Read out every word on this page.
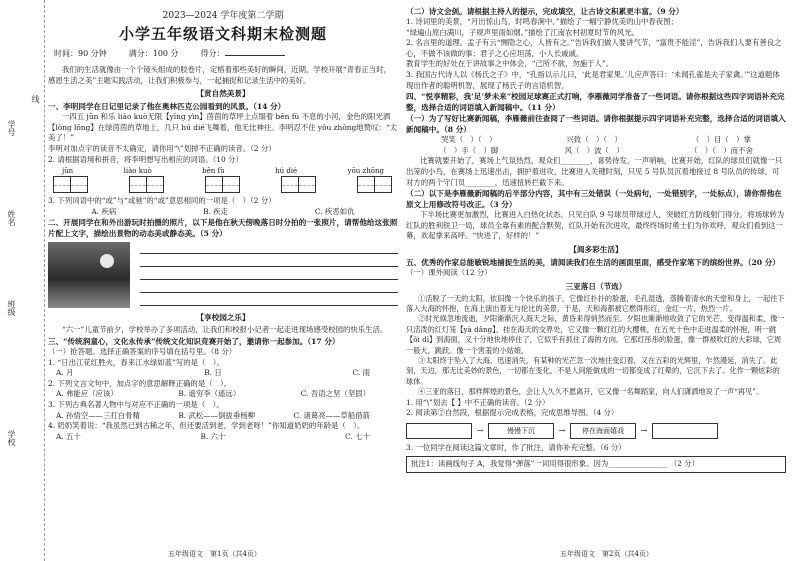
学号
姓名
班级
学校
线
2023—2024 学年度第二学期
小学五年级语文科期末检测题
时间：90 分钟	满分：100 分	得分：

我们的生活就像由一个个镜头组成的胶卷片，定格着那些美好的瞬间，近期，学校开展“青春正当时，感恩生活之美”主题实践活动，让我们积极参与，一起捕捉和记录生活中的美好。

【赏自然美景】

一、李明同学在日记里记录了他在奥林匹克公园看到的风景。（14 分）

一四五 jūn 和乐 liào kuò无限【yīng yìn】茵茵的草坪上点缀着 bēn fù 不息的小河，金色的阳光洒【lòng lǒng】在绿茵茵的草地上，几只 hú dié飞舞着，他无比神往。李明忍不住 yōu zhōng地赞叹：“太美了！”

李明对加点字的读音不太确定，请你用“\”划掉不正确的读音。（2 分）

2. 请根据语境和拼音，将李明想写出相应的词语。（10 分）

jūn	liào kuò	bēn fù	hú dié	yōu zhōng

3. 下列词语中的“或”与“或驰”的“或”意思相同的一项是（　）（2 分）

A. 疾病	B. 疾走	C. 疾恶如仇

二、开展同学在和外出游玩时拍摄的照片，以下是他在秋天傍晚落日时分拍的一张照片，请帮他给这张照片配上文字，描绘出景物的动态美或静态美。（5 分）

【享校园之乐】

“六一”儿童节前夕，学校举办了多项活动，让我们和校报小记者一起走进现场感受校园的快乐生活。

三、“传统润童心，文化永传承”传统文化知识竞赛开始了，邀请你一起参加。（17 分）

（一）抢答题。选择正确答案的序号填在括号里。（8 分）

1. “日出江花红胜火，春来江水绿如蓝”写的是（　）。

A. 月	B. 日	C. 雨

2. 下列文言文句中，加点字的意思解释正确的是（　）。

A. 弗能应（应该）	B. 遥穷李（遥远）	C. 吾语之坚（坚固）

3. 下列古典名著人物中与对应不正确的一项是（　）。

A. 孙悟空——三打白骨精	B. 武松——倒拔垂杨柳	C. 诸葛亮——草船借箭

4. 奶奶笑着说：“我虽然已到古稀之年，但还要活到老，学到老呀！”你知道奶奶的年龄是（　）。

A. 五十	B. 六十	C. 七十
五年级语文　第1页（共4页）

（二）诗文会剑。请根据主持人的提示，完成填空，让古诗文积累更丰富。（9 分）

1. 诗词里的美景，“月出惊山鸟，时鸣春涧中。”描绘了一幅宁静优美的山中春夜图；

“绿遍山原白满川，子规声里雨如烟。”描绘了江南农村初夏时节的风光。

2. 名言里的道理。孟子有云“恻隐之心，人皆有之。”告诉我们做人要讲气节，“富贵不能淫”，告诉我们人要有善良之心，不做不该做的事；君子之心应坦荡，小人长戚戚。

教育学生的好处在于讲故事之中体会，“己所不欲，勿施于人”。

3. 我国古代诗人以《杨氏之子》中，“孔指以示儿曰，‘此是君家果。’儿应声答曰：‘未闻孔雀是夫子家禽。’”这道题体现出作者的聪明机智，展现了杨氏子的言语机智。

四、“悦享精彩，我‘足’梦未来”校园足球赛正式打响，李雁薇同学准备了一些词语。请你根据这些四字词语补充完整，选择合适的词语填入新闻稿中。（11 分）

（一）为了写好比赛新闻稿，李雁薇前往查阅了一些词语。请你根据提示四字词语补充完整，选择合适的词语填入新闻稿中。（8 分）

哭笑（　）（　）	兴致（　）（　）	（　）目（　）掌
（　）手（　）脚	风（　）波（　）	（　）（　）而不舍

比赛就要开始了，赛场上气氛热烈，观众们________，喜势待发，一声哨响，比赛开始，红队的球员们就像一只出笼的小鸟，在赛场上迅速出击，拥护着进攻，比赛进入关键时刻，只见 5 号队员沉着地接过 8 号队员的传球，可对方的两个守门员________，迅速扭转拦截下来。

（二）以下是李雁薇新闻稿的后半部分内容，其中有三处错误（一处病句，一处错别字，一处标点），请你帮他在原文上用修改符号改正。（3 分）

下半场比赛更加激烈，比赛进入白热化状态。只见白队 9 号球员带球过人，突破红方防线射门得分，将场球转为红队的胜利铁卫一局，球员全靠有素的配合默契，红队开始有次进攻，最终终场时勇士们为你欢呼，观众们看到这一幕，欢起掌来高呼。“快进了，好样的！”

【阅多彩生活】

五、优秀的作家总能敏锐地捕捉生活的美，请阅读我们在生活的画面里面，感受作家笔下的缤纷世界。（20 分）

（一）课外阅读（12 分）

三亚落日（节选）

①活脱了一天的太阳，依旧像一个快乐的孩子，它像红扑扑的脸蛋，毛孔湿透，蒸腾着清水的天堂和身上，一起往下落入大海的怀抱，在海上演出着无与伦比的美景，于是，天和海都被它燃得彤红，金红一片，热烈一片。

②时光倏忽地流逝，夕阳渐渐沉入海天之际，黄昏来得悄然而至。夕阳也渐渐地收敛了它的光芒，变得温和柔，像一只活泼的红灯笼【yà dǎng】，挂在海天的交界处，它又像一颗红红的大樱桃，在五光十色中走进温柔的怀抱，明一跳【ǒi dì】到海面，又十分地快地停住了，它似乎有抓住了海的方向。它那红彤彤的脸蛋，像一群被吹红的大彩球，它周一般大，跳跃。像一个害羞的小姑娘，

③太阳终于坠入了大海，迅速消失，有某种的光芒忽一次地往变幻着，又在五彩的光辉里，乍然漫延，消失了。此刻，天边，那无比美妙的景色，一切都在变化，不是人间能做成的一切都变成了红晕的，它沉下去了。化作一颗炫彩的球体。

④三亚的落日，那样辉煌的景色，会让人久久不愿离开，它又像一名舞蹈家，向人们潇洒地说了一声“再见”。

1. 用“\”划去【 】中不正确的读音。（2 分）

2. 阅读第②自然段，根据提示完成表格，完成思维导图。（4 分）

→	慢慢下沉	→	停在海面嬉戏	→

3. 一位同学在阅读这篇文章时，作了批注，请你补充完整。（6 分）

批注1：读画线句子 A，我觉得“弹落”一词用得很形象。因为________________ （2 分）
五年级语文　第2页（共4页）
